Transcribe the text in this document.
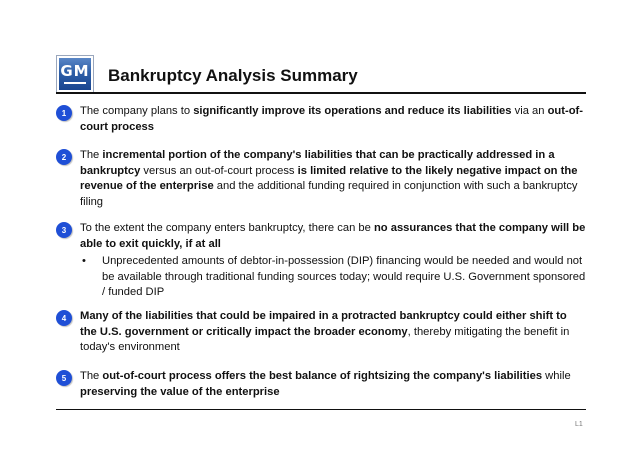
GM Bankruptcy Analysis Summary
1	The company plans to significantly improve its operations and reduce its liabilities via an out-of-court process

2	The incremental portion of the company's liabilities that can be practically addressed in a bankruptcy versus an out-of-court process is limited relative to the likely negative impact on the revenue of the enterprise and the additional funding required in conjunction with such a bankruptcy filing

3	To the extent the company enters bankruptcy, there can be no assurances that the company will be able to exit quickly, if at all

•	Unprecedented amounts of debtor-in-possession (DIP) financing would be needed and would not be available through traditional funding sources today; would require U.S. Government sponsored / funded DIP
4	Many of the liabilities that could be impaired in a protracted bankruptcy could either shift to the U.S. government or critically impact the broader economy, thereby mitigating the benefit in today's environment

5	The out-of-court process offers the best balance of rightsizing the company's liabilities while preserving the value of the enterprise

L1
